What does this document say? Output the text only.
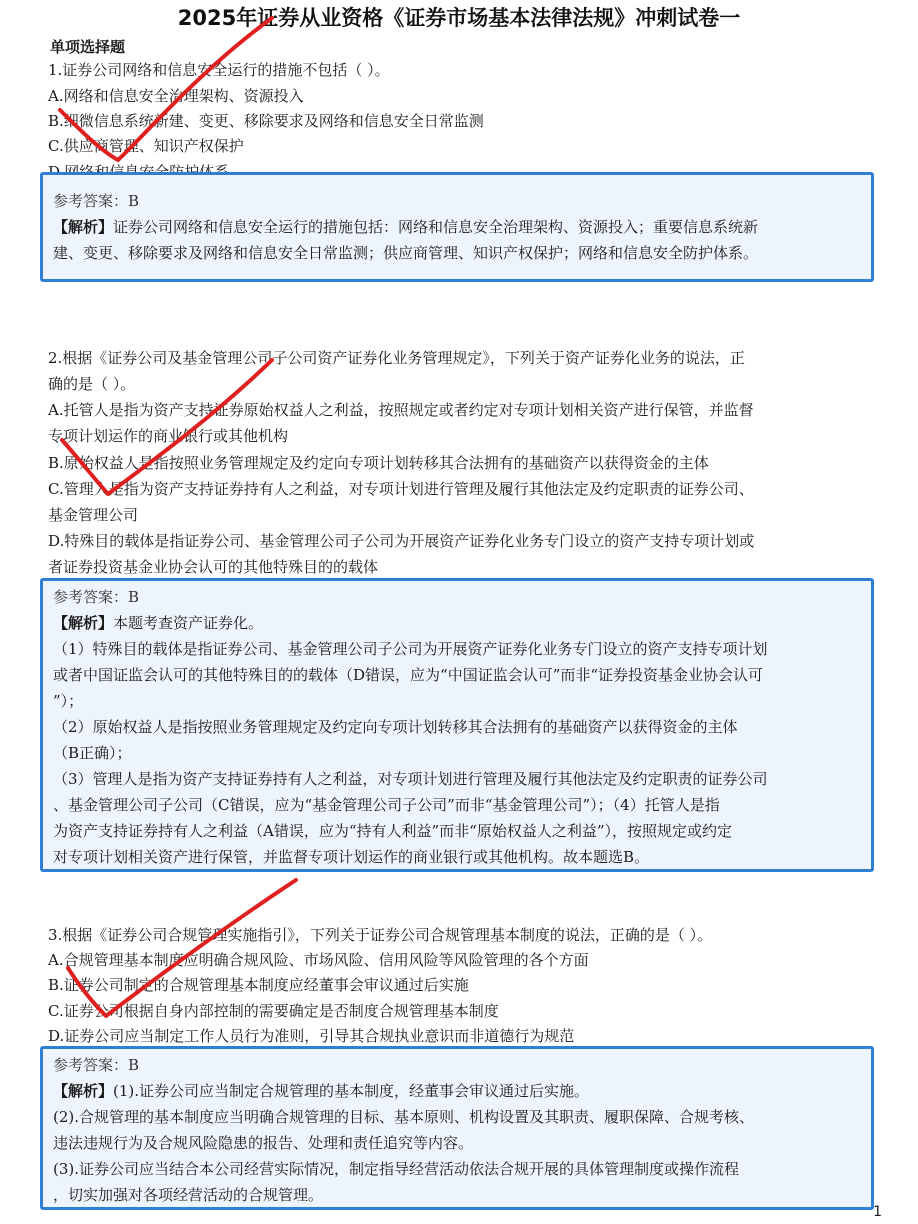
2025年证券从业资格《证券市场基本法律法规》冲刺试卷一
单项选择题
1.证券公司网络和信息安全运行的措施不包括（ ）。
A.网络和信息安全治理架构、资源投入
B.细微信息系统新建、变更、移除要求及网络和信息安全日常监测
C.供应商管理、知识产权保护
参考答案：B
【解析】证券公司网络和信息安全运行的措施包括：网络和信息安全治理架构、资源投入；重要信息系统新
建、变更、移除要求及网络和信息安全日常监测；供应商管理、知识产权保护；网络和信息安全防护体系。
2.根据《证券公司及基金管理公司子公司资产证券化业务管理规定》，下列关于资产证券化业务的说法，正
确的是（ ）。
A.托管人是指为资产支持证券原始权益人之利益，按照规定或者约定对专项计划相关资产进行保管，并监督
专项计划运作的商业银行或其他机构
B.原始权益人是指按照业务管理规定及约定向专项计划转移其合法拥有的基础资产以获得资金的主体
C.管理人是指为资产支持证券持有人之利益，对专项计划进行管理及履行其他法定及约定职责的证券公司、
基金管理公司
D.特殊目的载体是指证券公司、基金管理公司子公司为开展资产证券化业务专门设立的资产支持专项计划或
者证券投资基金业协会认可的其他特殊目的的载体
参考答案：B
【解析】本题考查资产证券化。
（1）特殊目的载体是指证券公司、基金管理公司子公司为开展资产证券化业务专门设立的资产支持专项计划
或者中国证监会认可的其他特殊目的的载体（D错误，应为“中国证监会认可”而非“证券投资基金业协会认可
”）；
（2）原始权益人是指按照业务管理规定及约定向专项计划转移其合法拥有的基础资产以获得资金的主体
（B正确）；
（3）管理人是指为资产支持证券持有人之利益，对专项计划进行管理及履行其他法定及约定职责的证券公司
、基金管理公司子公司（C错误，应为“基金管理公司子公司”而非“基金管理公司”）；（4）托管人是指
为资产支持证券持有人之利益（A错误，应为“持有人利益”而非“原始权益人之利益”），按照规定或约定
对专项计划相关资产进行保管，并监督专项计划运作的商业银行或其他机构。故本题选B。
3.根据《证券公司合规管理实施指引》，下列关于证券公司合规管理基本制度的说法，正确的是（ ）。
A.合规管理基本制度应明确合规风险、市场风险、信用风险等风险管理的各个方面
B.证券公司制定的合规管理基本制度应经董事会审议通过后实施
C.证券公司根据自身内部控制的需要确定是否制度合规管理基本制度
D.证券公司应当制定工作人员行为准则，引导其合规执业意识而非道德行为规范
参考答案：B
【解析】(1).证券公司应当制定合规管理的基本制度，经董事会审议通过后实施。
(2).合规管理的基本制度应当明确合规管理的目标、基本原则、机构设置及其职责、履职保障、合规考核、
违法违规行为及合规风险隐患的报告、处理和责任追究等内容。
(3).证券公司应当结合本公司经营实际情况，制定指导经营活动依法合规开展的具体管理制度或操作流程
，切实加强对各项经营活动的合规管理。
1
